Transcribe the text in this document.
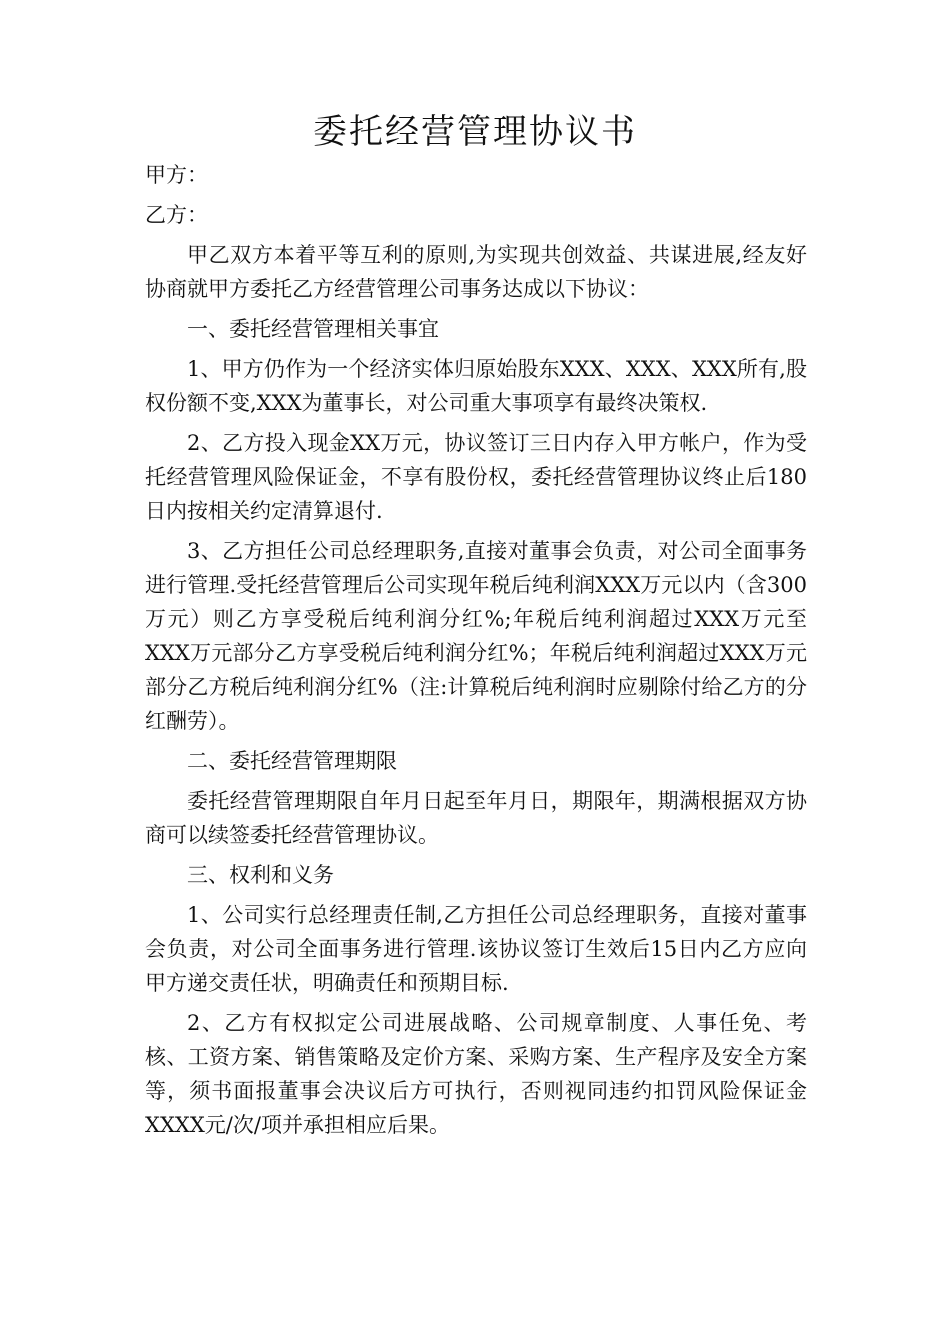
委托经营管理协议书

甲方：

乙方：

甲乙双方本着平等互利的原则,为实现共创效益、共谋进展,经友好协商就甲方委托乙方经营管理公司事务达成以下协议：

一、委托经营管理相关事宜

1、甲方仍作为一个经济实体归原始股东XXX、XXX、XXX所有,股权份额不变,XXX为董事长，对公司重大事项享有最终决策权.

2、乙方投入现金XX万元，协议签订三日内存入甲方帐户，作为受托经营管理风险保证金，不享有股份权，委托经营管理协议终止后180日内按相关约定清算退付.

3、乙方担任公司总经理职务,直接对董事会负责，对公司全面事务进行管理.受托经营管理后公司实现年税后纯利润XXX万元以内（含300万元）则乙方享受税后纯利润分红%;年税后纯利润超过XXX万元至XXX万元部分乙方享受税后纯利润分红%；年税后纯利润超过XXX万元部分乙方税后纯利润分红%（注:计算税后纯利润时应剔除付给乙方的分红酬劳）。

二、委托经营管理期限

委托经营管理期限自年月日起至年月日，期限年，期满根据双方协商可以续签委托经营管理协议。

三、权利和义务

1、公司实行总经理责任制,乙方担任公司总经理职务，直接对董事会负责，对公司全面事务进行管理.该协议签订生效后15日内乙方应向甲方递交责任状，明确责任和预期目标.

2、乙方有权拟定公司进展战略、公司规章制度、人事任免、考核、工资方案、销售策略及定价方案、采购方案、生产程序及安全方案等，须书面报董事会决议后方可执行，否则视同违约扣罚风险保证金XXXX元/次/项并承担相应后果。
